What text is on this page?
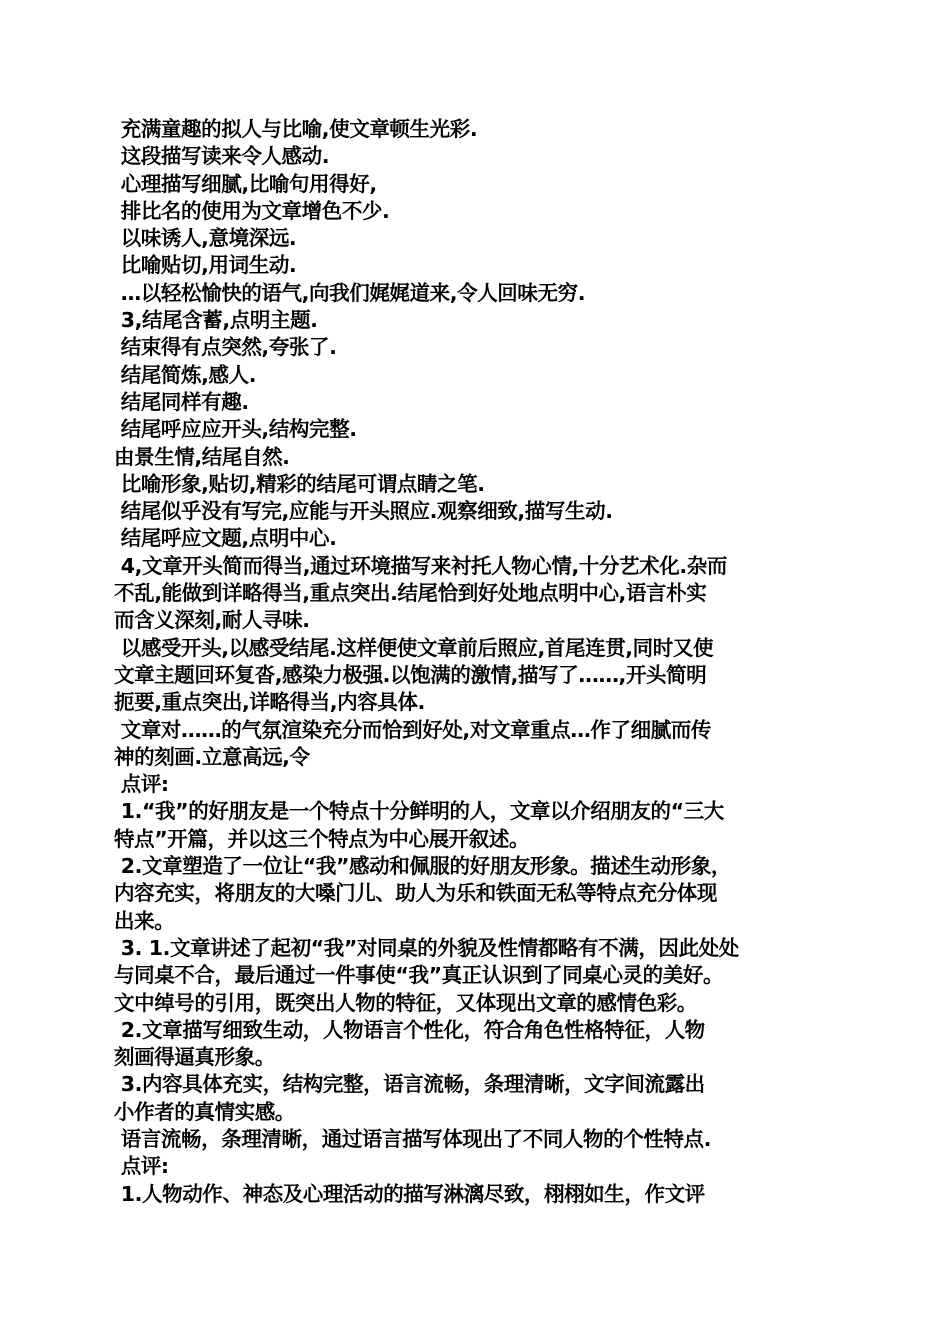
充满童趣的拟人与比喻,使文章顿生光彩.
这段描写读来令人感动.
心理描写细腻,比喻句用得好,
排比名的使用为文章增色不少.
以味诱人,意境深远.
比喻贴切,用词生动.
…以轻松愉快的语气,向我们娓娓道来,令人回味无穷.
3,结尾含蓄,点明主题.
结束得有点突然,夸张了.
结尾简炼,感人.
结尾同样有趣.
结尾呼应应开头,结构完整.
由景生情,结尾自然.
比喻形象,贴切,精彩的结尾可谓点睛之笔.
结尾似乎没有写完,应能与开头照应.观察细致,描写生动.
结尾呼应文题,点明中心.
4,文章开头简而得当,通过环境描写来衬托人物心情,十分艺术化.杂而
不乱,能做到详略得当,重点突出.结尾恰到好处地点明中心,语言朴实
而含义深刻,耐人寻味.
以感受开头,以感受结尾.这样便使文章前后照应,首尾连贯,同时又使
文章主题回环复沓,感染力极强.以饱满的激情,描写了……,开头简明
扼要,重点突出,详略得当,内容具体.
文章对……的气氛渲染充分而恰到好处,对文章重点…作了细腻而传
神的刻画.立意高远,令
点评:
1.“我”的好朋友是一个特点十分鲜明的人，文章以介绍朋友的“三大
特点”开篇，并以这三个特点为中心展开叙述。
2.文章塑造了一位让“我”感动和佩服的好朋友形象。描述生动形象，
内容充实，将朋友的大嗓门儿、助人为乐和铁面无私等特点充分体现
出来。
3. 1.文章讲述了起初“我”对同桌的外貌及性情都略有不满，因此处处
与同桌不合，最后通过一件事使“我”真正认识到了同桌心灵的美好。
文中绰号的引用，既突出人物的特征，又体现出文章的感情色彩。
2.文章描写细致生动，人物语言个性化，符合角色性格特征，人物
刻画得逼真形象。
3.内容具体充实，结构完整，语言流畅，条理清晰，文字间流露出
小作者的真情实感。
语言流畅，条理清晰，通过语言描写体现出了不同人物的个性特点.
点评:
1.人物动作、神态及心理活动的描写淋漓尽致，栩栩如生，作文评
